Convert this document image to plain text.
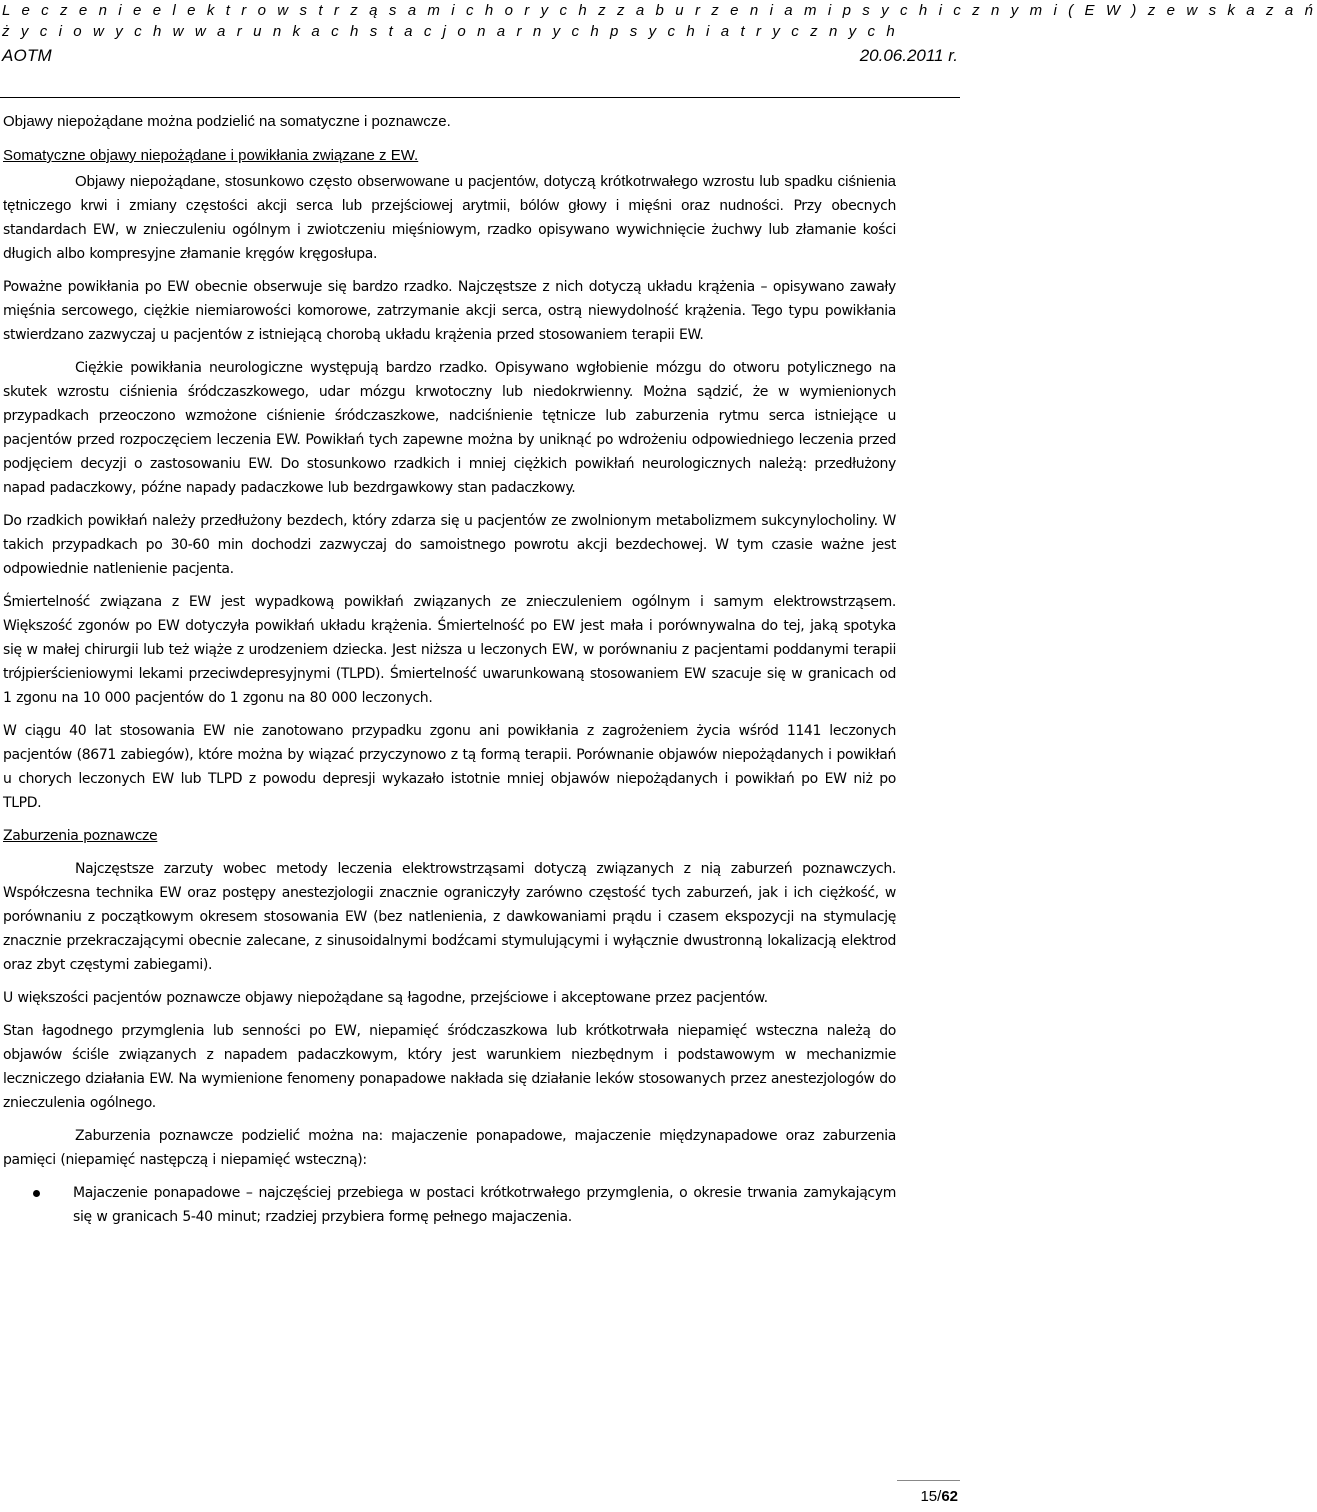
L e c z e n i e e l e k t r o w s t r z ą s a m i c h o r y c h z z a b u r z e n i a m i p s y c h i c z n y m i ( E W ) z e w s k a z a ń
ż y c i o w y c h w w a r u n k a c h s t a c j o n a r n y c h p s y c h i a t r y c z n y c h
AOTM	20.06.2011 r.

Objawy niepożądane można podzielić na somatyczne i poznawcze.

Somatyczne objawy niepożądane i powikłania związane z EW.

Objawy niepożądane, stosunkowo często obserwowane u pacjentów, dotyczą krótkotrwałego wzrostu lub spadku ciśnienia tętniczego krwi i zmiany częstości akcji serca lub przejściowej arytmii, bólów głowy i mięśni oraz nudności. Przy obecnych standardach EW, w znieczuleniu ogólnym i zwiotczeniu mięśniowym, rzadko opisywano wywichnięcie żuchwy lub złamanie kości długich albo kompresyjne złamanie kręgów kręgosłupa.

Poważne powikłania po EW obecnie obserwuje się bardzo rzadko. Najczęstsze z nich dotyczą układu krążenia – opisywano zawały mięśnia sercowego, ciężkie niemiarowości komorowe, zatrzymanie akcji serca, ostrą niewydolność krążenia. Tego typu powikłania stwierdzano zazwyczaj u pacjentów z istniejącą chorobą układu krążenia przed stosowaniem terapii EW.

Ciężkie powikłania neurologiczne występują bardzo rzadko. Opisywano wgłobienie mózgu do otworu potylicznego na skutek wzrostu ciśnienia śródczaszkowego, udar mózgu krwotoczny lub niedokrwienny. Można sądzić, że w wymienionych przypadkach przeoczono wzmożone ciśnienie śródczaszkowe, nadciśnienie tętnicze lub zaburzenia rytmu serca istniejące u pacjentów przed rozpoczęciem leczenia EW. Powikłań tych zapewne można by uniknąć po wdrożeniu odpowiedniego leczenia przed podjęciem decyzji o zastosowaniu EW. Do stosunkowo rzadkich i mniej ciężkich powikłań neurologicznych należą: przedłużony napad padaczkowy, późne napady padaczkowe lub bezdrgawkowy stan padaczkowy.

Do rzadkich powikłań należy przedłużony bezdech, który zdarza się u pacjentów ze zwolnionym metabolizmem sukcynylocholiny. W takich przypadkach po 30-60 min dochodzi zazwyczaj do samoistnego powrotu akcji bezdechowej. W tym czasie ważne jest odpowiednie natlenienie pacjenta.

Śmiertelność związana z EW jest wypadkową powikłań związanych ze znieczuleniem ogólnym i samym elektrowstrząsem. Większość zgonów po EW dotyczyła powikłań układu krążenia. Śmiertelność po EW jest mała i porównywalna do tej, jaką spotyka się w małej chirurgii lub też wiąże z urodzeniem dziecka. Jest niższa u leczonych EW, w porównaniu z pacjentami poddanymi terapii trójpierścieniowymi lekami przeciwdepresyjnymi (TLPD). Śmiertelność uwarunkowaną stosowaniem EW szacuje się w granicach od 1 zgonu na 10 000 pacjentów do 1 zgonu na 80 000 leczonych.

W ciągu 40 lat stosowania EW nie zanotowano przypadku zgonu ani powikłania z zagrożeniem życia wśród 1141 leczonych pacjentów (8671 zabiegów), które można by wiązać przyczynowo z tą formą terapii. Porównanie objawów niepożądanych i powikłań u chorych leczonych EW lub TLPD z powodu depresji wykazało istotnie mniej objawów niepożądanych i powikłań po EW niż po TLPD.

Zaburzenia poznawcze

Najczęstsze zarzuty wobec metody leczenia elektrowstrząsami dotyczą związanych z nią zaburzeń poznawczych. Współczesna technika EW oraz postępy anestezjologii znacznie ograniczyły zarówno częstość tych zaburzeń, jak i ich ciężkość, w porównaniu z początkowym okresem stosowania EW (bez natlenienia, z dawkowaniami prądu i czasem ekspozycji na stymulację znacznie przekraczającymi obecnie zalecane, z sinusoidalnymi bodźcami stymulującymi i wyłącznie dwustronną lokalizacją elektrod oraz zbyt częstymi zabiegami).

U większości pacjentów poznawcze objawy niepożądane są łagodne, przejściowe i akceptowane przez pacjentów.

Stan łagodnego przymglenia lub senności po EW, niepamięć śródczaszkowa lub krótkotrwała niepamięć wsteczna należą do objawów ściśle związanych z napadem padaczkowym, który jest warunkiem niezbędnym i podstawowym w mechanizmie leczniczego działania EW. Na wymienione fenomeny ponapadowe nakłada się działanie leków stosowanych przez anestezjologów do znieczulenia ogólnego.

Zaburzenia poznawcze podzielić można na: majaczenie ponapadowe, majaczenie międzynapadowe oraz zaburzenia pamięci (niepamięć następczą i niepamięć wsteczną):

Majaczenie ponapadowe – najczęściej przebiega w postaci krótkotrwałego przymglenia, o okresie trwania zamykającym się w granicach 5-40 minut; rzadziej przybiera formę pełnego majaczenia.
15/62
